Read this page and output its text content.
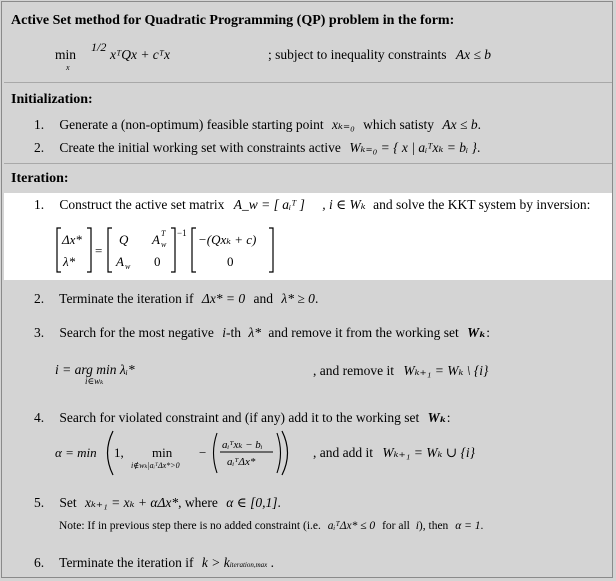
Active Set method for Quadratic Programming (QP) problem in the form:
min
x
1/2 xᵀQx + cᵀx	; subject to inequality constraints Ax ≤ b
Initialization:
1. Generate a (non-optimum) feasible starting point xₖ₌₀ which satisty Ax ≤ b.
2. Create the initial working set with constraints active Wₖ₌₀ = { x | aᵢᵀxₖ = bᵢ }.
Iteration:
1. Construct the active set matrix A_w = [ aᵢᵀ ] , i ∈ Wₖ and solve the KKT system by inversion:
Δx*
λ*
=
−1
Q A T
w
A w 0
−(Qxₖ + c)
0
2. Terminate the iteration if Δx* = 0 and λ* ≥ 0.
3. Search for the most negative i-th λ* and remove it from the working set Wₖ:
i = arg min λᵢ*
i∈wₖ
, and remove it Wₖ₊₁ = Wₖ \ {i}
4. Search for violated constraint and (if any) add it to the working set Wₖ:
α = min 1, min
i∉wₖ|aᵢᵀΔx*>0
− aᵢᵀxₖ − bᵢ
aᵢᵀΔx*
, and add it Wₖ₊₁ = Wₖ ∪ {i}
5. Set xₖ₊₁ = xₖ + αΔx*, where α ∈ [0,1].
Note: If in previous step there is no added constraint (i.e. aᵢᵀΔx* ≤ 0 for all i), then α = 1.
6. Terminate the iteration if k > kiteration,max .
